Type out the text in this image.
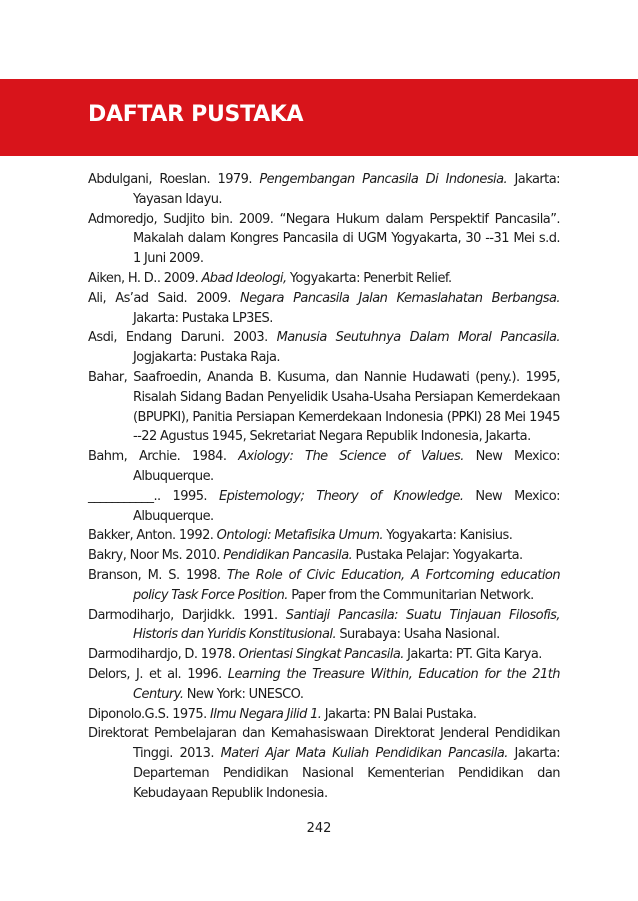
DAFTAR PUSTAKA

Abdulgani, Roeslan. 1979. Pengembangan Pancasila Di Indonesia. Jakarta: Yayasan Idayu.

Admoredjo, Sudjito bin. 2009. “Negara Hukum dalam Perspektif Pancasila”. Makalah dalam Kongres Pancasila di UGM Yogyakarta, 30 --31 Mei s.d. 1 Juni 2009.

Aiken, H. D.. 2009. Abad Ideologi, Yogyakarta: Penerbit Relief.

Ali, As’ad Said. 2009. Negara Pancasila Jalan Kemaslahatan Berbangsa. Jakarta: Pustaka LP3ES.

Asdi, Endang Daruni. 2003. Manusia Seutuhnya Dalam Moral Pancasila. Jogjakarta: Pustaka Raja.

Bahar, Saafroedin, Ananda B. Kusuma, dan Nannie Hudawati (peny.). 1995, Risalah Sidang Badan Penyelidik Usaha-Usaha Persiapan Kemerdekaan (BPUPKI), Panitia Persiapan Kemerdekaan Indonesia (PPKI) 28 Mei 1945 --22 Agustus 1945, Sekretariat Negara Republik Indonesia, Jakarta.

Bahm, Archie. 1984. Axiology: The Science of Values. New Mexico: Albuquerque.

___________.. 1995. Epistemology; Theory of Knowledge. New Mexico: Albuquerque.

Bakker, Anton. 1992. Ontologi: Metafisika Umum. Yogyakarta: Kanisius.

Bakry, Noor Ms. 2010. Pendidikan Pancasila. Pustaka Pelajar: Yogyakarta.

Branson, M. S. 1998. The Role of Civic Education, A Fortcoming education policy Task Force Position. Paper from the Communitarian Network.

Darmodiharjo, Darjidkk. 1991. Santiaji Pancasila: Suatu Tinjauan Filosofis, Historis dan Yuridis Konstitusional. Surabaya: Usaha Nasional.

Darmodihardjo, D. 1978. Orientasi Singkat Pancasila. Jakarta: PT. Gita Karya.

Delors, J. et al. 1996. Learning the Treasure Within, Education for the 21th Century. New York: UNESCO.

Diponolo.G.S. 1975. Ilmu Negara Jilid 1. Jakarta: PN Balai Pustaka.

Direktorat Pembelajaran dan Kemahasiswaan Direktorat Jenderal Pendidikan Tinggi. 2013. Materi Ajar Mata Kuliah Pendidikan Pancasila. Jakarta: Departeman Pendidikan Nasional Kementerian Pendidikan dan Kebudayaan Republik Indonesia.

242
